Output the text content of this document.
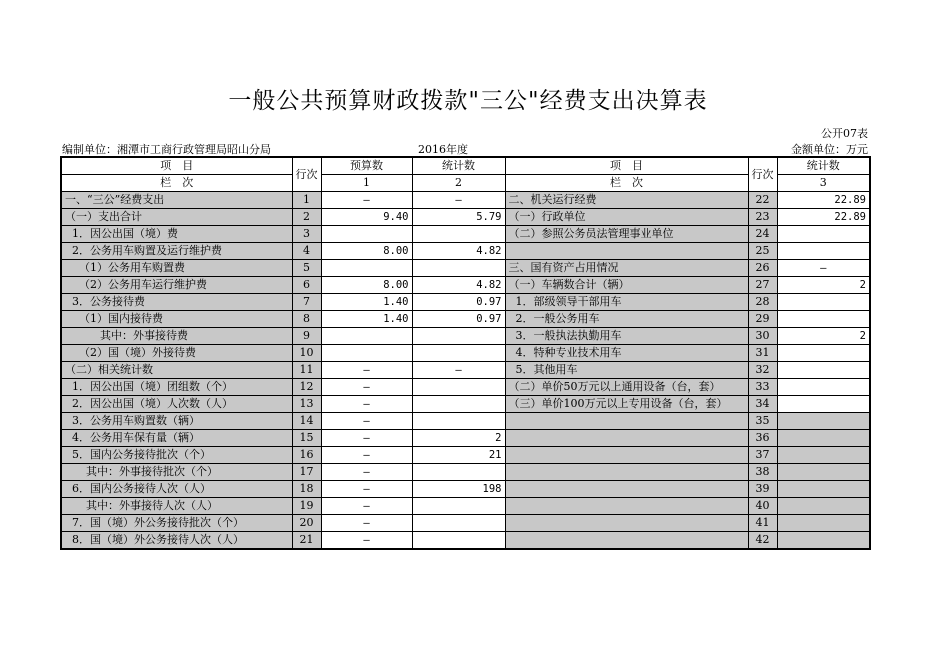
一般公共预算财政拨款"三公"经费支出决算表
公开07表
编制单位：湘潭市工商行政管理局昭山分局	2016年度	金额单位：万元
项　目	行次	预算数	统计数	项　目	行次	统计数
栏　次		1	2	栏　次		3
一、“三公”经费支出	1	—	—	二、机关运行经费	22	22.89
（一）支出合计	2	9.40	5.79	（一）行政单位	23	22.89
1．因公出国（境）费	3			（二）参照公务员法管理事业单位	24	
2．公务用车购置及运行维护费	4	8.00	4.82		25	
（1）公务用车购置费	5			三、国有资产占用情况	26	—
（2）公务用车运行维护费	6	8.00	4.82	（一）车辆数合计（辆）	27	2
3．公务接待费	7	1.40	0.97	1．部级领导干部用车	28	
（1）国内接待费	8	1.40	0.97	2．一般公务用车	29	
其中：外事接待费	9			3．一般执法执勤用车	30	2
（2）国（境）外接待费	10			4．特种专业技术用车	31	
（二）相关统计数	11	—	—	5．其他用车	32	
1．因公出国（境）团组数（个）	12	—		（二）单价50万元以上通用设备（台，套）	33	
2．因公出国（境）人次数（人）	13	—		（三）单价100万元以上专用设备（台，套）	34	
3．公务用车购置数（辆）	14	—			35	
4．公务用车保有量（辆）	15	—	2		36	
5．国内公务接待批次（个）	16	—	21		37	
其中：外事接待批次（个）	17	—			38	
6．国内公务接待人次（人）	18	—	198		39	
其中：外事接待人次（人）	19	—			40	
7．国（境）外公务接待批次（个）	20	—			41	
8．国（境）外公务接待人次（人）	21	—			42	
